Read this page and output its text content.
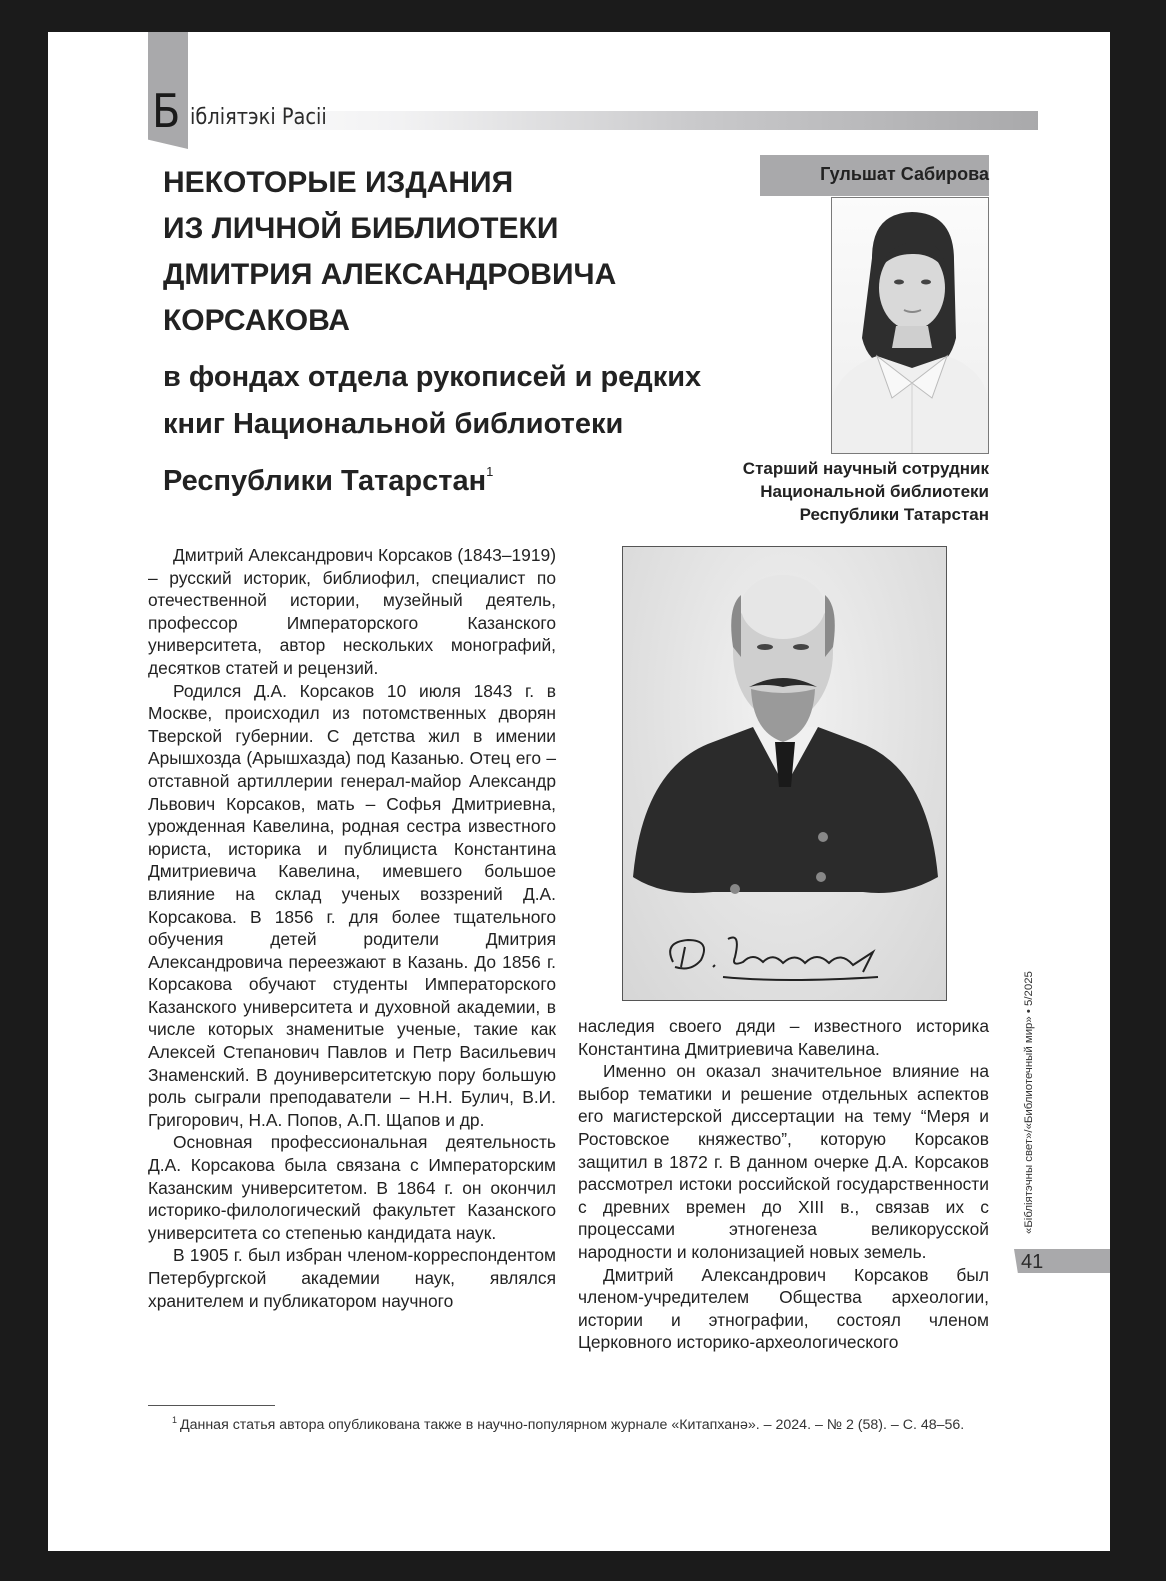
Б ібліятэкі Расіі
НЕКОТОРЫЕ ИЗДАНИЯ
ИЗ ЛИЧНОЙ БИБЛИОТЕКИ
ДМИТРИЯ АЛЕКСАНДРОВИЧА
КОРСАКОВА
в фондах отдела рукописей и редких
книг Национальной библиотеки
Республики Татарстан$^1$
Гульшат Сабирова
Старший научный сотрудник
Национальной библиотеки
Республики Татарстан

Дмитрий Александрович Корсаков (1843–1919) – русский историк, библиофил, специалист по отечественной истории, музейный деятель, профессор Императорского Казанского университета, автор нескольких монографий, десятков статей и рецензий.

Родился Д.А. Корсаков 10 июля 1843 г. в Москве, происходил из потомственных дворян Тверской губернии. С детства жил в имении Арышхозда (Арышхазда) под Казанью. Отец его – отставной артиллерии генерал-майор Александр Львович Корсаков, мать – Софья Дмитриевна, урожденная Кавелина, родная сестра известного юриста, историка и публициста Константина Дмитриевича Кавелина, имевшего большое влияние на склад ученых воззрений Д.А. Корсакова. В 1856 г. для более тщательного обучения детей родители Дмитрия Александровича переезжают в Казань. До 1856 г. Корсакова обучают студенты Императорского Казанского университета и духовной академии, в числе которых знаменитые ученые, такие как Алексей Степанович Павлов и Петр Васильевич Знаменский. В доуниверситетскую пору большую роль сыграли преподаватели – Н.Н. Булич, В.И. Григорович, Н.А. Попов, А.П. Щапов и др.

Основная профессиональная деятельность Д.А. Корсакова была связана с Императорским Казанским университетом. В 1864 г. он окончил историко-филологический факультет Казанского университета со степенью кандидата наук.

В 1905 г. был избран членом-корреспондентом Петербургской академии наук, являлся хранителем и публикатором научного

наследия своего дяди – известного историка Константина Дмитриевича Кавелина.

Именно он оказал значительное влияние на выбор тематики и решение отдельных аспектов его магистерской диссертации на тему “Меря и Ростовское княжество”, которую Корсаков защитил в 1872 г. В данном очерке Д.А. Корсаков рассмотрел истоки российской государственности с древних времен до XIII в., связав их с процессами этногенеза великорусской народности и колонизацией новых земель.

Дмитрий Александрович Корсаков был членом-учредителем Общества археологии, истории и этнографии, состоял членом Церковного историко-археологического

«Бібліятэчны свет»/«Библиотечный мир» • 5/2025
41

$^1$ Данная статья автора опубликована также в научно-популярном журнале «Китапханә». – 2024. – № 2 (58). – С. 48–56.
